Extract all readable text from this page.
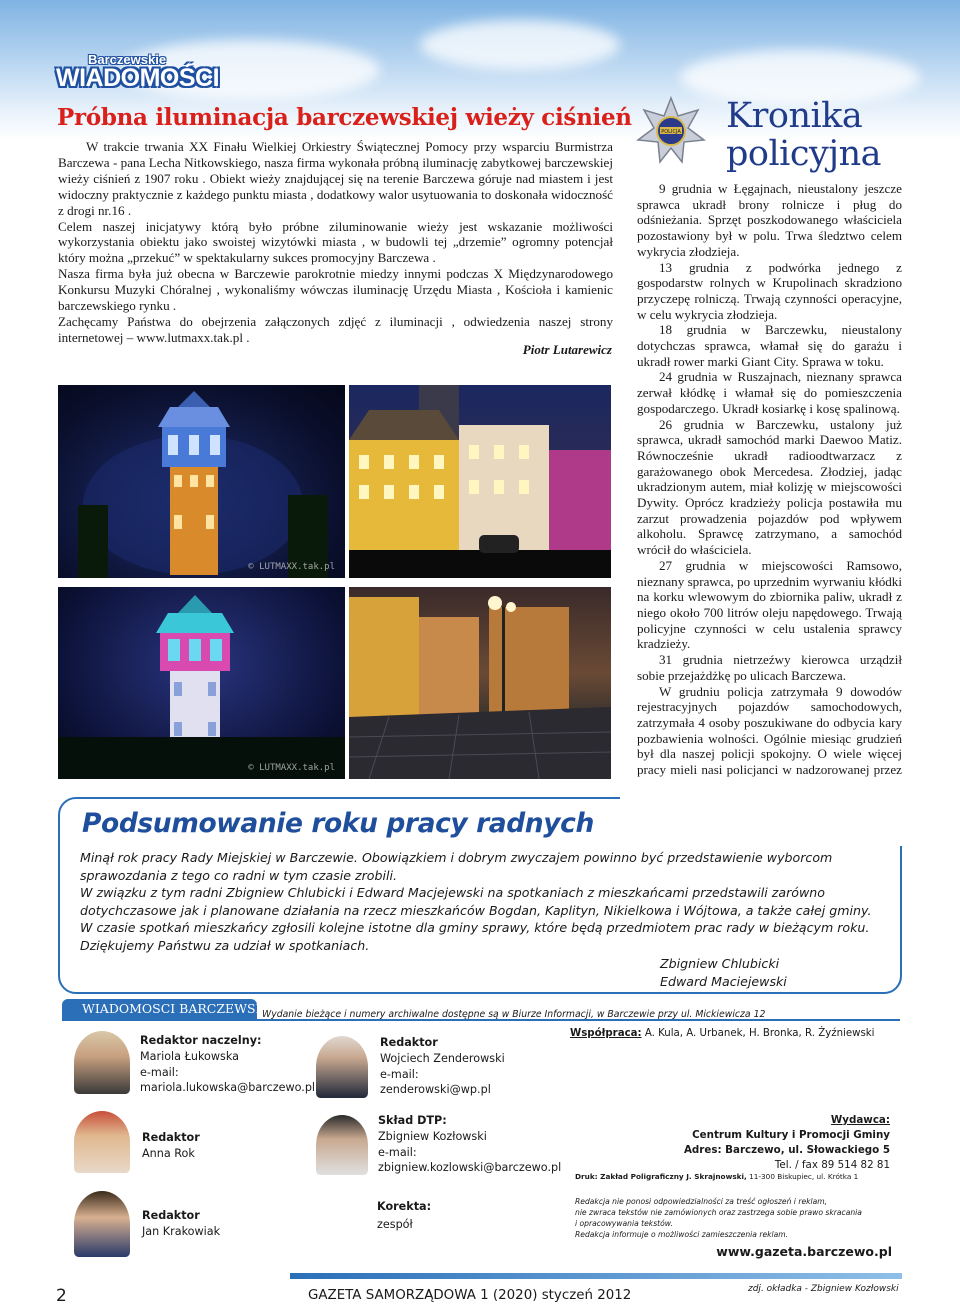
Barczewskie
WIADOMOŚCI
Próbna iluminacja barczewskiej wieży ciśnień

W trakcie trwania XX Finału Wielkiej Orkiestry Świątecznej Pomocy przy wsparciu Burmistrza Barczewa - pana Lecha Nitkowskiego, nasza firma wykonała próbną iluminację zabytkowej barczewskiej wieży ciśnień z 1907 roku . Obiekt wieży znajdującej się na terenie Barczewa góruje nad miastem i jest widoczny praktycznie z każdego punktu miasta , dodatkowy walor usytuowania to doskonała widoczność z drogi nr.16 .

Celem naszej inicjatywy którą było próbne ziluminowanie wieży jest wskazanie możliwości wykorzystania obiektu jako swoistej wizytówki miasta , w budowli tej „drzemie” ogromny potencjał który można „przekuć” w spektakularny sukces promocyjny Barczewa .

Nasza firma była już obecna w Barczewie parokrotnie miedzy innymi podczas X Międzynarodowego Konkursu Muzyki Chóralnej , wykonaliśmy wówczas iluminację Urzędu Miasta , Kościoła i kamienic barczewskiego rynku .

Zachęcamy Państwa do obejrzenia załączonych zdjęć z iluminacji , odwiedzenia naszej strony internetowej – www.lutmaxx.tak.pl .

Piotr Lutarewicz
© LUTMAXX.tak.pl
© LUTMAXX.tak.pl
POLICJA Kronika
policyjna

9 grudnia w Łęgajnach, nieustalony jeszcze sprawca ukradł brony rolnicze i pług do odśnieżania. Sprzęt poszkodowanego właściciela pozostawiony był w polu. Trwa śledztwo celem wykrycia złodzieja.

13 grudnia z podwórka jednego z gospodarstw rolnych w Krupolinach skradziono przyczepę rolniczą. Trwają czynności operacyjne, w celu wykrycia złodzieja.

18 grudnia w Barczewku, nieustalony dotychczas sprawca, włamał się do garażu i ukradł rower marki Giant City. Sprawa w toku.

24 grudnia w Ruszajnach, nieznany sprawca zerwał kłódkę i włamał się do pomieszczenia gospodarczego. Ukradł kosiarkę i kosę spalinową.

26 grudnia w Barczewku, ustalony już sprawca, ukradł samochód marki Daewoo Matiz. Równocześnie ukradł radioodtwarzacz z garażowanego obok Mercedesa. Złodziej, jadąc ukradzionym autem, miał kolizję w miejscowości Dywity. Oprócz kradzieży policja postawiła mu zarzut prowadzenia pojazdów pod wpływem alkoholu. Sprawcę zatrzymano, a samochód wrócił do właściciela.

27 grudnia w miejscowości Ramsowo, nieznany sprawca, po uprzednim wyrwaniu kłódki na korku wlewowym do zbiornika paliw, ukradł z niego około 700 litrów oleju napędowego. Trwają policyjne czynności w celu ustalenia sprawcy kradzieży.

31 grudnia nietrzeźwy kierowca urządził sobie przejażdżkę po ulicach Barczewa.

W grudniu policja zatrzymała 9 dowodów rejestracyjnych pojazdów samochodowych, zatrzymała 4 osoby poszukiwane do odbycia kary pozbawienia wolności. Ogólnie miesiąc grudzień był dla naszej policji spokojny. O wiele więcej pracy mieli nasi policjanci w nadzorowanej przez

Podsumowanie roku pracy radnych

Minął rok pracy Rady Miejskiej w Barczewie. Obowiązkiem i dobrym zwyczajem powinno być przedstawienie wyborcom sprawozdania z tego co radni w tym czasie zrobili.

W związku z tym radni Zbigniew Chlubicki i Edward Macjejewski na spotkaniach z mieszkańcami przedstawili zarówno dotychczasowe jak i planowane działania na rzecz mieszkańców Bogdan, Kaplityn, Nikielkowa i Wójtowa, a także całej gminy. W czasie spotkań mieszkańcy zgłosili kolejne istotne dla gminy sprawy, które będą przedmiotem prac rady w bieżącym roku. Dziękujemy Państwu za udział w spotkaniach.

Zbigniew Chlubicki
Edward Maciejewski
WIADOMOSCI BARCZEWSKIE
Wydanie bieżące i numery archiwalne dostępne są w Biurze Informacji, w Barczewie przy ul. Mickiewicza 12
Redaktor naczelny:
Mariola Łukowska
e-mail:
mariola.lukowska@barczewo.pl
Redaktor
Wojciech Zenderowski
e-mail:
zenderowski@wp.pl
Współpraca: A. Kula, A. Urbanek, H. Bronka, R. Żyźniewski
Redaktor
Anna Rok
Skład DTP:
Zbigniew Kozłowski
e-mail:
zbigniew.kozlowski@barczewo.pl
Wydawca:
Centrum Kultury i Promocji Gminy
Adres: Barczewo, ul. Słowackiego 5
Tel. / fax 89 514 82 81
Druk: Zakład Poligraficzny J. Skrajnowski, 11-300 Biskupiec, ul. Krótka 1
Redaktor
Jan Krakowiak
Korekta:
zespół
Redakcja nie ponosi odpowiedzialności za treść ogłoszeń i reklam,
nie zwraca tekstów nie zamówionych oraz zastrzega sobie prawo skracania
i opracowywania tekstów.
Redakcja informuje o możliwości zamieszczenia reklam.
www.gazeta.barczewo.pl
2	GAZETA SAMORZĄDOWA 1 (2020) styczeń 2012	zdj. okładka - Zbigniew Kozłowski
